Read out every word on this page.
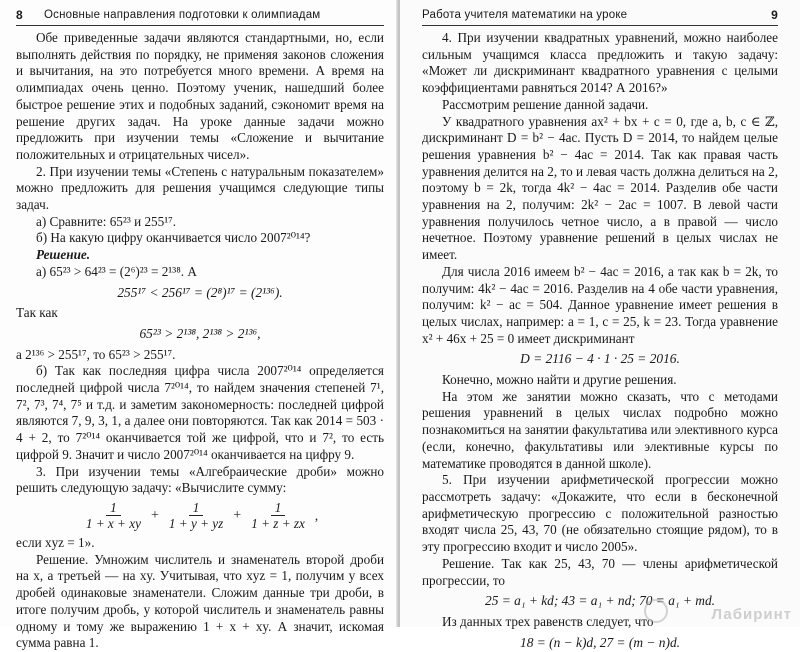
8 Основные направления подготовки к олимпиадам

Обе приведенные задачи являются стандартными, но, если выполнять действия по порядку, не применяя законов сложения и вычитания, на это потребуется много времени. А время на олимпиадах очень ценно. Поэтому ученик, нашедший более быстрое решение этих и подобных заданий, сэкономит время на решение других задач. На уроке данные задачи можно предложить при изучении темы «Сложение и вычитание положительных и отрицательных чисел».

2. При изучении темы «Степень с натуральным показателем» можно предложить для решения учащимся следующие типы задач.

а) Сравните: 65²³ и 255¹⁷.

б) На какую цифру оканчивается число 2007²⁰¹⁴?

Решение.

а) 65²³ > 64²³ = (2⁶)²³ = 2¹³⁸. А

255¹⁷ < 256¹⁷ = (2⁸)¹⁷ = (2¹³⁶).

Так как

65²³ > 2¹³⁸, 2¹³⁸ > 2¹³⁶,

а 2¹³⁶ > 255¹⁷, то 65²³ > 255¹⁷.

б) Так как последняя цифра числа 2007²⁰¹⁴ определяется последней цифрой числа 7²⁰¹⁴, то найдем значения степеней 7¹, 7², 7³, 7⁴, 7⁵ и т.д. и заметим закономерность: последней цифрой являются 7, 9, 3, 1, а далее они повторяются. Так как 2014 = 503 · 4 + 2, то 7²⁰¹⁴ оканчивается той же цифрой, что и 7², то есть цифрой 9. Значит и число 2007²⁰¹⁴ оканчивается на цифру 9.

3. При изучении темы «Алгебраические дроби» можно решить следующую задачу: «Вычислите сумму:

$\frac{1}{1 + x + xy} + \frac{1}{1 + y + yz} + \frac{1}{1 + z + zx}$ ,

если xyz = 1».

Решение. Умножим числитель и знаменатель второй дроби на x, а третьей — на xy. Учитывая, что xyz = 1, получим у всех дробей одинаковые знаменатели. Сложим данные три дроби, в итоге получим дробь, у которой числитель и знаменатель равны одному и тому же выражению 1 + x + xy. А значит, искомая сумма равна 1.

Работа учителя математики на уроке	9

4. При изучении квадратных уравнений, можно наиболее сильным учащимся класса предложить и такую задачу: «Может ли дискриминант квадратного уравнения с целыми коэффициентами равняться 2014? А 2016?»

Рассмотрим решение данной задачи.

У квадратного уравнения ax² + bx + c = 0, где a, b, c ∈ ℤ, дискриминант D = b² − 4ac. Пусть D = 2014, то найдем целые решения уравнения b² − 4ac = 2014. Так как правая часть уравнения делится на 2, то и левая часть должна делиться на 2, поэтому b = 2k, тогда 4k² − 4ac = 2014. Разделив обе части уравнения на 2, получим: 2k² − 2ac = 1007. В левой части уравнения получилось четное число, а в правой — число нечетное. Поэтому уравнение решений в целых числах не имеет.

Для числа 2016 имеем b² − 4ac = 2016, а так как b = 2k, то получим: 4k² − 4ac = 2016. Разделив на 4 обе части уравнения, получим: k² − ac = 504. Данное уравнение имеет решения в целых числах, например: a = 1, c = 25, k = 23. Тогда уравнение x² + 46x + 25 = 0 имеет дискриминант

D = 2116 − 4 · 1 · 25 = 2016.

Конечно, можно найти и другие решения.

На этом же занятии можно сказать, что с методами решения уравнений в целых числах подробно можно познакомиться на занятии факультатива или элективного курса (если, конечно, факультативы или элективные курсы по математике проводятся в данной школе).

5. При изучении арифметической прогрессии можно рассмотреть задачу: «Докажите, что если в бесконечной арифметическую прогрессию с положительной разностью входят числа 25, 43, 70 (не обязательно стоящие рядом), то в эту прогрессию входит и число 2005».

Решение. Так как 25, 43, 70 — члены арифметической прогрессии, то

25 = a₁ + kd; 43 = a₁ + nd; 70 = a₁ + md.

Из данных трех равенств следует, что

18 = (n − k)d, 27 = (m − n)d.
Лабиринт
